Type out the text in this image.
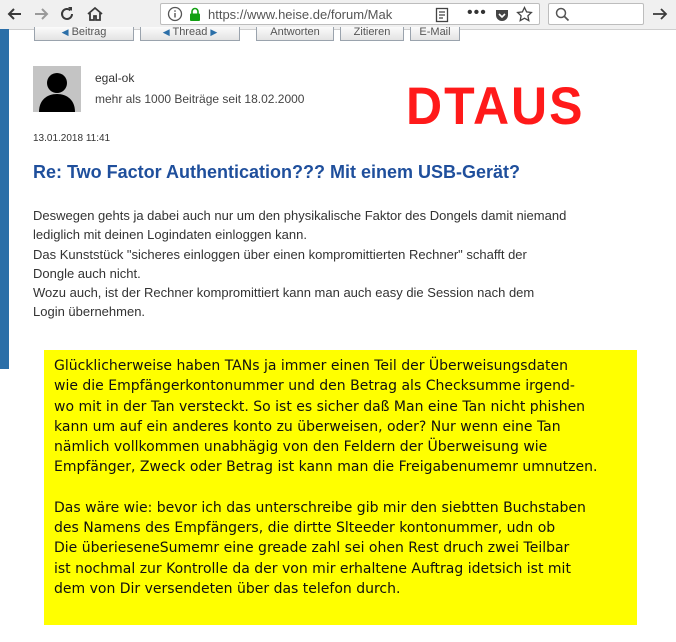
https://www.heise.de/forum/Mak	•••
◀ Beitrag	◀ Thread ▶	Antworten	Zitieren	E-Mail
egal-ok
mehr als 1000 Beiträge seit 18.02.2000 DTAUS
13.01.2018 11:41
Re: Two Factor Authentication??? Mit einem USB-Gerät?

Deswegen gehts ja dabei auch nur um den physikalische Faktor des Dongels damit niemand

lediglich mit deinen Logindaten einloggen kann.

Das Kunststück "sicheres einloggen über einen kompromittierten Rechner" schafft der

Dongle auch nicht.

Wozu auch, ist der Rechner kompromittiert kann man auch easy die Session nach dem

Login übernehmen.

Glücklicherweise haben TANs ja immer einen Teil der Überweisungsdaten

wie die Empfängerkontonummer und den Betrag als Checksumme irgend-

wo mit in der Tan versteckt. So ist es sicher daß Man eine Tan nicht phishen

kann um auf ein anderes konto zu überweisen, oder? Nur wenn eine Tan

nämlich vollkommen unabhägig von den Feldern der Überweisung wie

Empfänger, Zweck oder Betrag ist kann man die Freigabenumemr umnutzen.

Das wäre wie: bevor ich das unterschreibe gib mir den siebtten Buchstaben

des Namens des Empfängers, die dirtte Slteeder kontonummer, udn ob

Die überieseneSumemr eine greade zahl sei ohen Rest druch zwei Teilbar

ist nochmal zur Kontrolle da der von mir erhaltene Auftrag idetsich ist mit

dem von Dir versendeten über das telefon durch.
